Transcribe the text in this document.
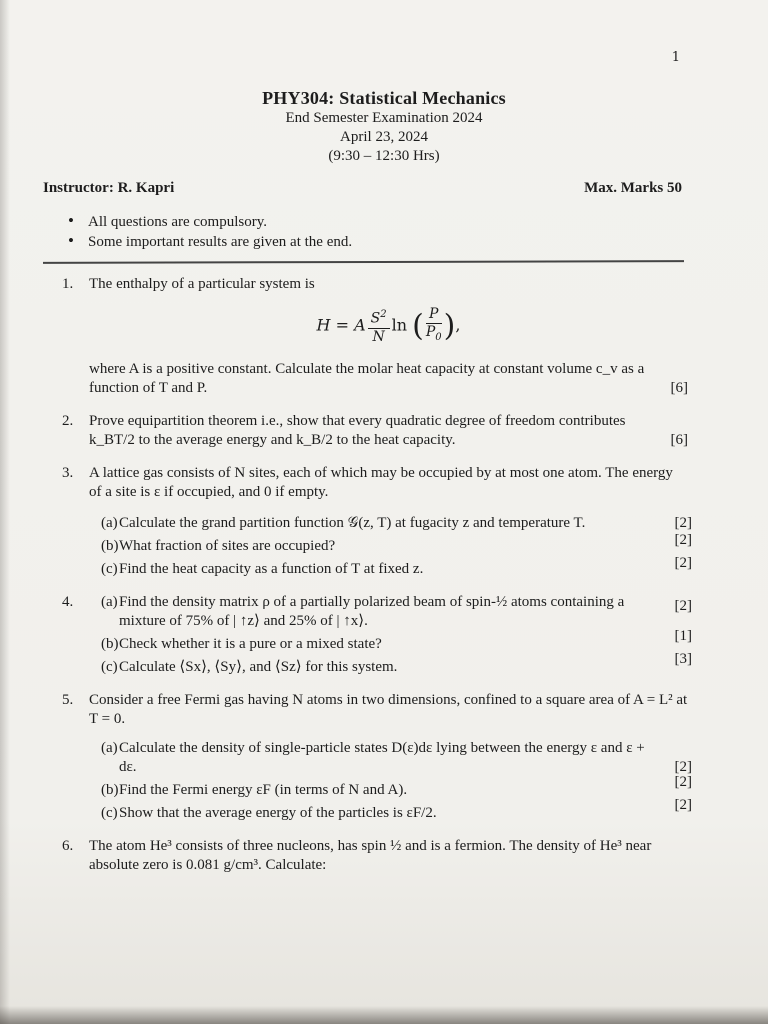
1
PHY304: Statistical Mechanics
End Semester Examination 2024
April 23, 2024
(9:30 – 12:30 Hrs)
Instructor: R. Kapri	Max. Marks 50
• All questions are compulsory.
• Some important results are given at the end.
1. The enthalpy of a particular system is
H = A $\frac{S^2}{N}$ ln ( $\frac{P}{P_0}$ ),
where A is a positive constant. Calculate the molar heat capacity at constant volume c_v as a function of T and P.	[6]
2. Prove equipartition theorem i.e., show that every quadratic degree of freedom contributes k_BT/2 to the average energy and k_B/2 to the heat capacity.	[6]
3. A lattice gas consists of N sites, each of which may be occupied by at most one atom. The energy of a site is ε if occupied, and 0 if empty.
(a) Calculate the grand partition function 𝒢(z, T) at fugacity z and temperature T.	[2]
(b) What fraction of sites are occupied?	[2]
(c) Find the heat capacity as a function of T at fixed z.	[2]
4. (a) Find the density matrix ρ of a partially polarized beam of spin-½ atoms containing a mixture of 75% of | ↑z⟩ and 25% of | ↑x⟩.
[2]
(b) Check whether it is a pure or a mixed state?	[1]
(c) Calculate ⟨Sx⟩, ⟨Sy⟩, and ⟨Sz⟩ for this system.	[3]
5. Consider a free Fermi gas having N atoms in two dimensions, confined to a square area of A = L² at T = 0.
(a) Calculate the density of single-particle states D(ε)dε lying between the energy ε and ε + dε.	[2]
(b) Find the Fermi energy εF (in terms of N and A).	[2]
(c) Show that the average energy of the particles is εF/2.	[2]
6. The atom He³ consists of three nucleons, has spin ½ and is a fermion. The density of He³ near absolute zero is 0.081 g/cm³. Calculate:
